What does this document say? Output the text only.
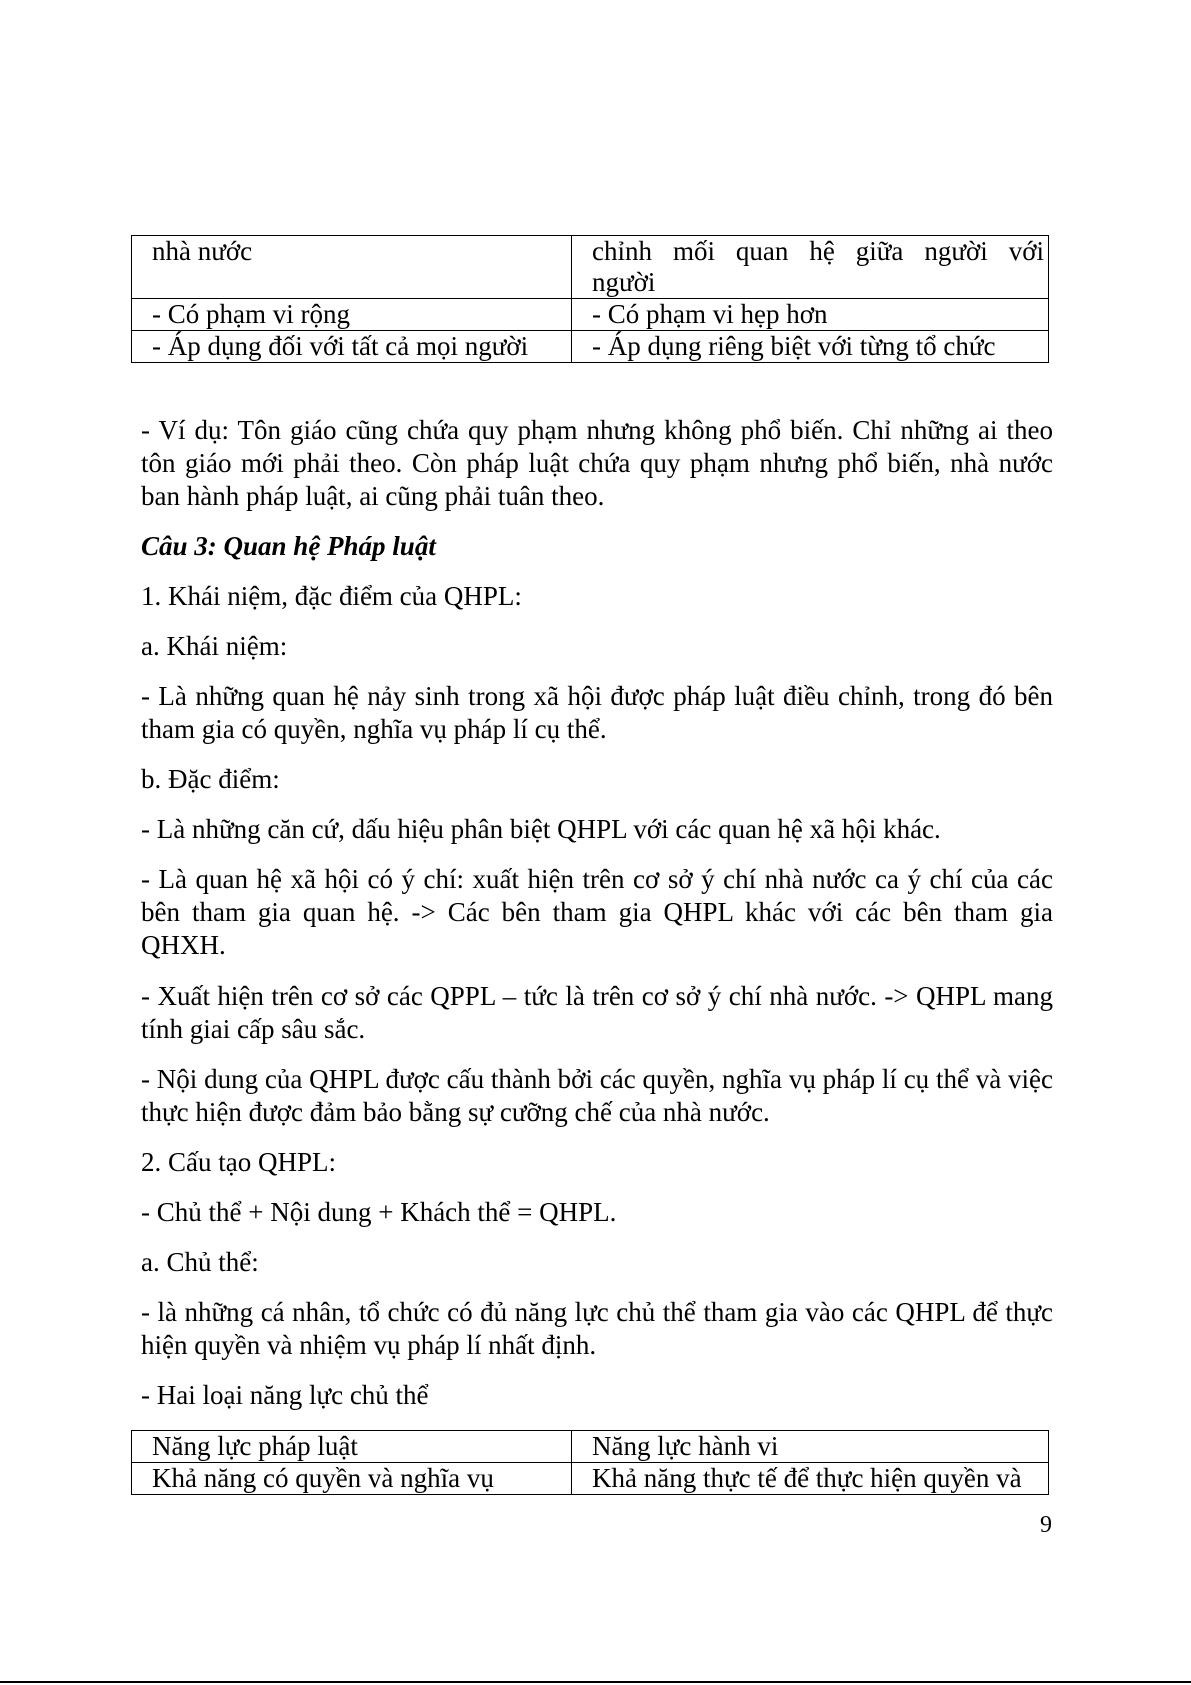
nhà nước	chỉnh mối quan hệ giữa người với
người

- Có phạm vi rộng	- Có phạm vi hẹp hơn
- Áp dụng đối với tất cả mọi người	- Áp dụng riêng biệt với từng tổ chức

- Ví dụ: Tôn giáo cũng chứa quy phạm nhưng không phổ biến. Chỉ những ai theo tôn giáo mới phải theo. Còn pháp luật chứa quy phạm nhưng phổ biến, nhà nước ban hành pháp luật, ai cũng phải tuân theo.

Câu 3: Quan hệ Pháp luật

1. Khái niệm, đặc điểm của QHPL:

a. Khái niệm:

- Là những quan hệ nảy sinh trong xã hội được pháp luật điều chỉnh, trong đó bên tham gia có quyền, nghĩa vụ pháp lí cụ thể.

b. Đặc điểm:

- Là những căn cứ, dấu hiệu phân biệt QHPL với các quan hệ xã hội khác.

- Là quan hệ xã hội có ý chí: xuất hiện trên cơ sở ý chí nhà nước ca ý chí của các bên tham gia quan hệ. -> Các bên tham gia QHPL khác với các bên tham gia QHXH.

- Xuất hiện trên cơ sở các QPPL – tức là trên cơ sở ý chí nhà nước. -> QHPL mang tính giai cấp sâu sắc.

- Nội dung của QHPL được cấu thành bởi các quyền, nghĩa vụ pháp lí cụ thể và việc thực hiện được đảm bảo bằng sự cưỡng chế của nhà nước.

2. Cấu tạo QHPL:

- Chủ thể + Nội dung + Khách thể = QHPL.

a. Chủ thể:

- là những cá nhân, tổ chức có đủ năng lực chủ thể tham gia vào các QHPL để thực hiện quyền và nhiệm vụ pháp lí nhất định.

- Hai loại năng lực chủ thể

Năng lực pháp luật	Năng lực hành vi
Khả năng có quyền và nghĩa vụ	Khả năng thực tế để thực hiện quyền và
9
